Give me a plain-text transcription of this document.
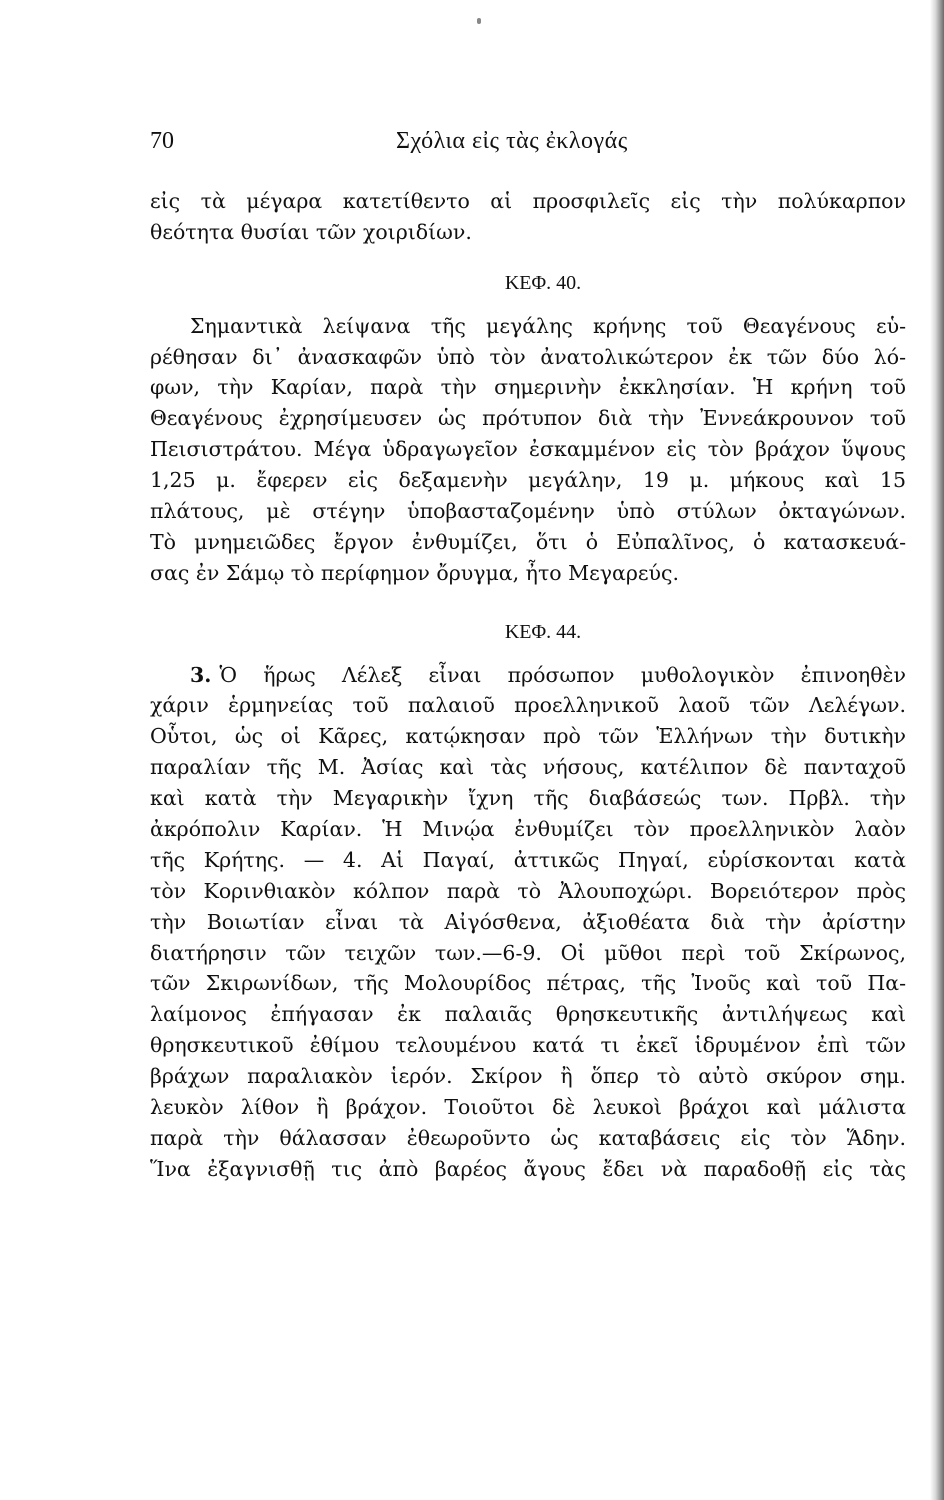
70	Σχόλια εἰς τὰς ἐκλογάς
εἰς τὰ μέγαρα κατετίθεντο αἱ προσφιλεῖς εἰς τὴν πολύκαρπον
θεότητα θυσίαι τῶν χοιριδίων.
ΚΕΦ. 40.
Σημαντικὰ λείψανα τῆς μεγάλης κρήνης τοῦ Θεαγένους εὑ-
ρέθησαν δι᾿ ἀνασκαφῶν ὑπὸ τὸν ἀνατολικώτερον ἐκ τῶν δύο λό-
φων, τὴν Καρίαν, παρὰ τὴν σημερινὴν ἐκκλησίαν. Ἡ κρήνη τοῦ
Θεαγένους ἐχρησίμευσεν ὡς πρότυπον διὰ τὴν Ἐννεάκρουνον τοῦ
Πεισιστράτου. Μέγα ὑδραγωγεῖον ἐσκαμμένον εἰς τὸν βράχον ὕψους
1,25 μ. ἔφερεν εἰς δεξαμενὴν μεγάλην, 19 μ. μήκους καὶ 15
πλάτους, μὲ στέγην ὑποβασταζομένην ὑπὸ στύλων ὀκταγώνων.
Τὸ μνημειῶδες ἔργον ἐνθυμίζει, ὅτι ὁ Εὐπαλῖνος, ὁ κατασκευά-
σας ἐν Σάμῳ τὸ περίφημον ὄρυγμα, ἦτο Μεγαρεύς.
ΚΕΦ. 44.
3. Ὁ ἥρως Λέλεξ εἶναι πρόσωπον μυθολογικὸν ἐπινοηθὲν
χάριν ἑρμηνείας τοῦ παλαιοῦ προελληνικοῦ λαοῦ τῶν Λελέγων.
Οὗτοι, ὡς οἱ Κᾶρες, κατῴκησαν πρὸ τῶν Ἑλλήνων τὴν δυτικὴν
παραλίαν τῆς Μ. Ἀσίας καὶ τὰς νήσους, κατέλιπον δὲ πανταχοῦ
καὶ κατὰ τὴν Μεγαρικὴν ἴχνη τῆς διαβάσεώς των. Πρβλ. τὴν
ἀκρόπολιν Καρίαν. Ἡ Μινῴα ἐνθυμίζει τὸν προελληνικὸν λαὸν
τῆς Κρήτης. — 4. Αἱ Παγαί, ἀττικῶς Πηγαί, εὑρίσκονται κατὰ
τὸν Κορινθιακὸν κόλπον παρὰ τὸ Ἀλουποχώρι. Βορειότερον πρὸς
τὴν Βοιωτίαν εἶναι τὰ Αἰγόσθενα, ἀξιοθέατα διὰ τὴν ἀρίστην
διατήρησιν τῶν τειχῶν των.—6-9. Οἱ μῦθοι περὶ τοῦ Σκίρωνος,
τῶν Σκιρωνίδων, τῆς Μολουρίδος πέτρας, τῆς Ἰνοῦς καὶ τοῦ Πα-
λαίμονος ἐπήγασαν ἐκ παλαιᾶς θρησκευτικῆς ἀντιλήψεως καὶ
θρησκευτικοῦ ἐθίμου τελουμένου κατά τι ἐκεῖ ἱδρυμένον ἐπὶ τῶν
βράχων παραλιακὸν ἱερόν. Σκίρον ἢ ὅπερ τὸ αὐτὸ σκύρον σημ.
λευκὸν λίθον ἢ βράχον. Τοιοῦτοι δὲ λευκοὶ βράχοι καὶ μάλιστα
παρὰ τὴν θάλασσαν ἐθεωροῦντο ὡς καταβάσεις εἰς τὸν Ἅδην.
Ἵνα ἐξαγνισθῇ τις ἀπὸ βαρέος ἄγους ἔδει νὰ παραδοθῇ εἰς τὰς
